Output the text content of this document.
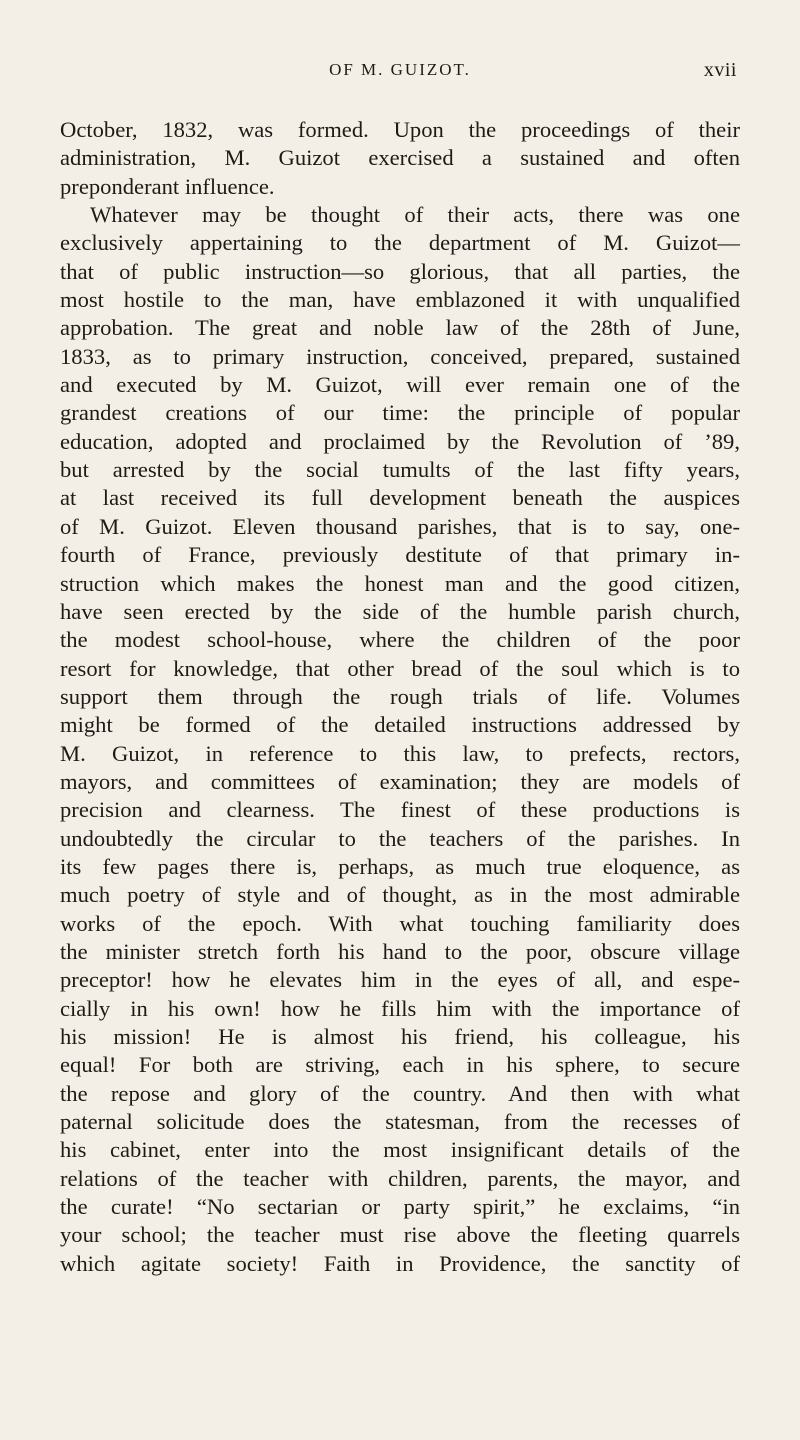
OF M. GUIZOT.	xvii
October, 1832, was formed. Upon the proceedings of their
administration, M. Guizot exercised a sustained and often
preponderant influence.
Whatever may be thought of their acts, there was one
exclusively appertaining to the department of M. Guizot—
that of public instruction—so glorious, that all parties, the
most hostile to the man, have emblazoned it with unqualified
approbation. The great and noble law of the 28th of June,
1833, as to primary instruction, conceived, prepared, sustained
and executed by M. Guizot, will ever remain one of the
grandest creations of our time: the principle of popular
education, adopted and proclaimed by the Revolution of ’89,
but arrested by the social tumults of the last fifty years,
at last received its full development beneath the auspices
of M. Guizot. Eleven thousand parishes, that is to say, one-
fourth of France, previously destitute of that primary in-
struction which makes the honest man and the good citizen,
have seen erected by the side of the humble parish church,
the modest school-house, where the children of the poor
resort for knowledge, that other bread of the soul which is to
support them through the rough trials of life. Volumes
might be formed of the detailed instructions addressed by
M. Guizot, in reference to this law, to prefects, rectors,
mayors, and committees of examination; they are models of
precision and clearness. The finest of these productions is
undoubtedly the circular to the teachers of the parishes. In
its few pages there is, perhaps, as much true eloquence, as
much poetry of style and of thought, as in the most admirable
works of the epoch. With what touching familiarity does
the minister stretch forth his hand to the poor, obscure village
preceptor! how he elevates him in the eyes of all, and espe-
cially in his own! how he fills him with the importance of
his mission! He is almost his friend, his colleague, his
equal! For both are striving, each in his sphere, to secure
the repose and glory of the country. And then with what
paternal solicitude does the statesman, from the recesses of
his cabinet, enter into the most insignificant details of the
relations of the teacher with children, parents, the mayor, and
the curate! “No sectarian or party spirit,” he exclaims, “in
your school; the teacher must rise above the fleeting quarrels
which agitate society! Faith in Providence, the sanctity of
